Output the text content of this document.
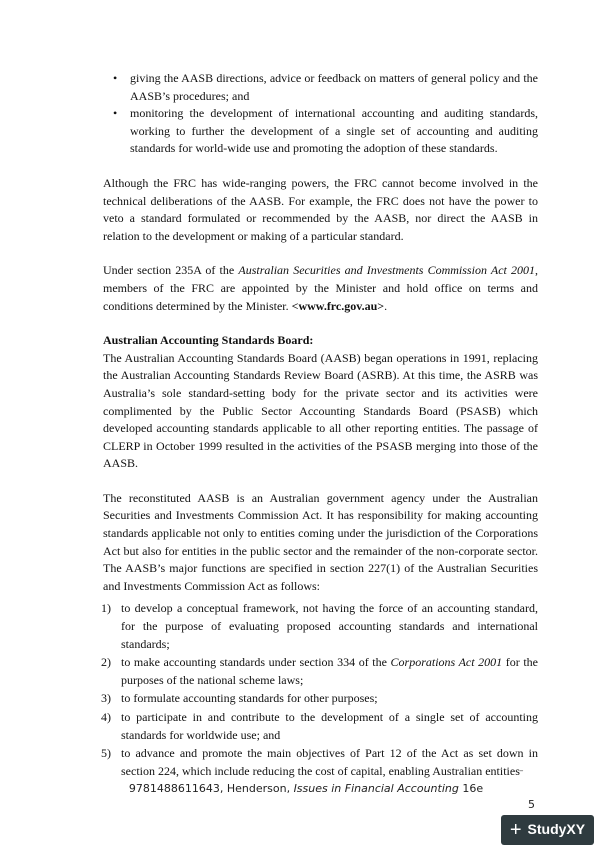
• giving the AASB directions, advice or feedback on matters of general policy and the AASB’s procedures; and
• monitoring the development of international accounting and auditing standards, working to further the development of a single set of accounting and auditing standards for world-wide use and promoting the adoption of these standards.

Although the FRC has wide-ranging powers, the FRC cannot become involved in the technical deliberations of the AASB. For example, the FRC does not have the power to veto a standard formulated or recommended by the AASB, nor direct the AASB in relation to the development or making of a particular standard.

Under section 235A of the Australian Securities and Investments Commission Act 2001, members of the FRC are appointed by the Minister and hold office on terms and conditions determined by the Minister. <www.frc.gov.au>.

Australian Accounting Standards Board:

The Australian Accounting Standards Board (AASB) began operations in 1991, replacing the Australian Accounting Standards Review Board (ASRB). At this time, the ASRB was Australia’s sole standard-setting body for the private sector and its activities were complimented by the Public Sector Accounting Standards Board (PSASB) which developed accounting standards applicable to all other reporting entities. The passage of CLERP in October 1999 resulted in the activities of the PSASB merging into those of the AASB.

The reconstituted AASB is an Australian government agency under the Australian Securities and Investments Commission Act. It has responsibility for making accounting standards applicable not only to entities coming under the jurisdiction of the Corporations Act but also for entities in the public sector and the remainder of the non-corporate sector. The AASB’s major functions are specified in section 227(1) of the Australian Securities and Investments Commission Act as follows:

1) to develop a conceptual framework, not having the force of an accounting standard, for the purpose of evaluating proposed accounting standards and international standards;
2) to make accounting standards under section 334 of the Corporations Act 2001 for the purposes of the national scheme laws;
3) to formulate accounting standards for other purposes;
4) to participate in and contribute to the development of a single set of accounting standards for worldwide use; and
5) to advance and promote the main objectives of Part 12 of the Act as set down in section 224, which include reducing the cost of capital, enabling Australian entities –
9781488611643, Henderson, Issues in Financial Accounting 16e
5
+ StudyXY
